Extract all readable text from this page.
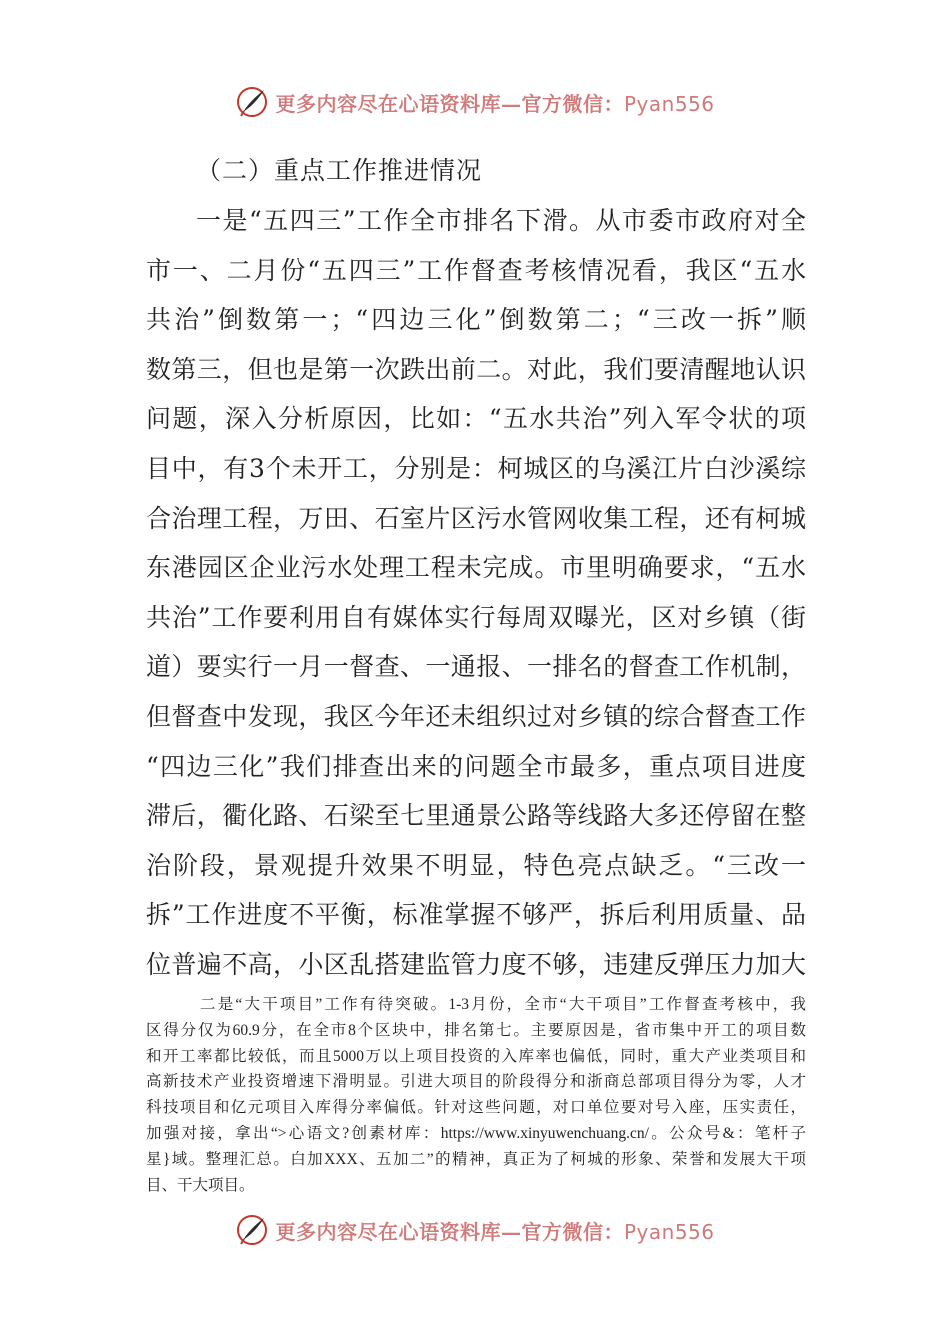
更多内容尽在心语资料库—官方微信：Pyan556

（二）重点工作推进情况

一是“五四三”工作全市排名下滑。从市委市政府对全

市一、二月份“五四三”工作督查考核情况看，我区“五水

共治”倒数第一；“四边三化”倒数第二；“三改一拆”顺

数第三，但也是第一次跌出前二。对此，我们要清醒地认识

问题，深入分析原因，比如：“五水共治”列入军令状的项

目中，有3个未开工，分别是：柯城区的乌溪江片白沙溪综

合治理工程，万田、石室片区污水管网收集工程，还有柯城

东港园区企业污水处理工程未完成。市里明确要求，“五水

共治”工作要利用自有媒体实行每周双曝光，区对乡镇（街

道）要实行一月一督查、一通报、一排名的督查工作机制，

但督查中发现，我区今年还未组织过对乡镇的综合督查工作

“四边三化”我们排查出来的问题全市最多，重点项目进度

滞后，衢化路、石梁至七里通景公路等线路大多还停留在整

治阶段，景观提升效果不明显，特色亮点缺乏。“三改一

拆”工作进度不平衡，标准掌握不够严，拆后利用质量、品

位普遍不高，小区乱搭建监管力度不够，违建反弹压力加大

二是“大干项目”工作有待突破。1-3月份，全市“大干项目”工作督查考核中，我

区得分仅为60.9分，在全市8个区块中，排名第七。主要原因是，省市集中开工的项目数

和开工率都比较低，而且5000万以上项目投资的入库率也偏低，同时，重大产业类项目和

高新技术产业投资增速下滑明显。引进大项目的阶段得分和浙商总部项目得分为零，人才

科技项目和亿元项目入库得分率偏低。针对这些问题，对口单位要对号入座，压实责任，

加强对接，拿出“>心语文?创素材库：https://www.xinyuwenchuang.cn/。公众号&：笔杆子

星}域。整理汇总。白加XXX、五加二”的精神，真正为了柯城的形象、荣誉和发展大干项

目、干大项目。

更多内容尽在心语资料库—官方微信：Pyan556
